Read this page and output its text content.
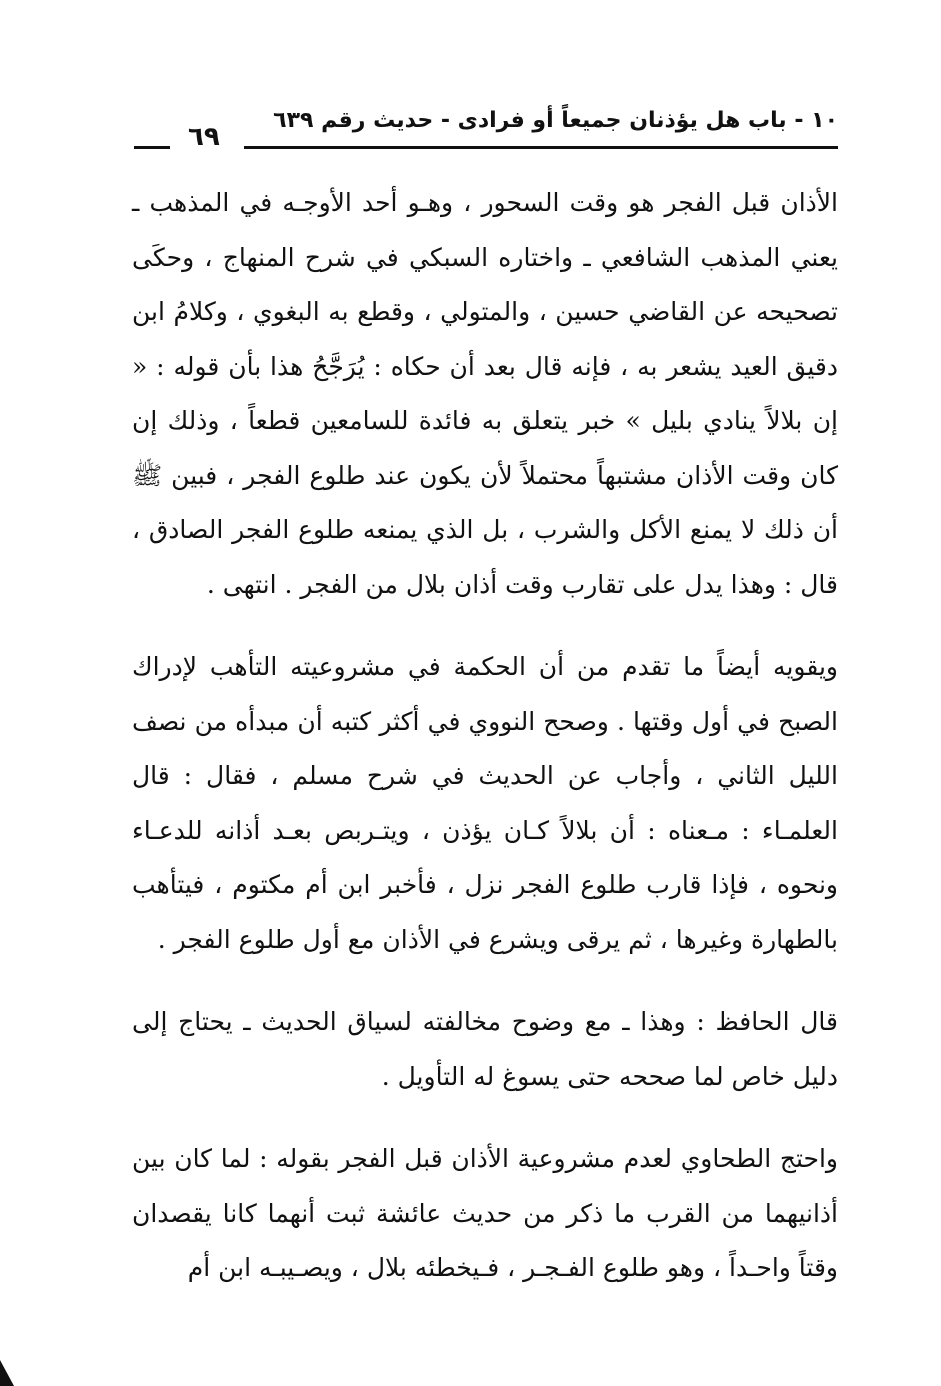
١٠ - باب هل يؤذنان جميعاً أو فرادى - حديث رقم ٦٣٩
٦٩

الأذان قبل الفجر هو وقت السحور ، وهـو أحد الأوجـه في المذهب ـ يعني المذهب الشافعي ـ واختاره السبكي في شرح المنهاج ، وحكَى تصحيحه عن القاضي حسين ، والمتولي ، وقطع به البغوي ، وكلامُ ابن دقيق العيد يشعر به ، فإنه قال بعد أن حكاه : يُرَجَّحُ هذا بأن قوله : « إن بلالاً ينادي بليل » خبر يتعلق به فائدة للسامعين قطعاً ، وذلك إن كان وقت الأذان مشتبهاً محتملاً لأن يكون عند طلوع الفجر ، فبين ﷺ أن ذلك لا يمنع الأكل والشرب ، بل الذي يمنعه طلوع الفجر الصادق ، قال : وهذا يدل على تقارب وقت أذان بلال من الفجر . انتهى .

ويقويه أيضاً ما تقدم من أن الحكمة في مشروعيته التأهب لإدراك الصبح في أول وقتها . وصحح النووي في أكثر كتبه أن مبدأه من نصف الليل الثاني ، وأجاب عن الحديث في شرح مسلم ، فقال : قال العلمـاء : مـعناه : أن بلالاً كـان يؤذن ، ويتـربص بعـد أذانه للدعـاء ونحوه ، فإذا قارب طلوع الفجر نزل ، فأخبر ابن أم مكتوم ، فيتأهب بالطهارة وغيرها ، ثم يرقى ويشرع في الأذان مع أول طلوع الفجر .

قال الحافظ : وهذا ـ مع وضوح مخالفته لسياق الحديث ـ يحتاج إلى دليل خاص لما صححه حتى يسوغ له التأويل .

واحتج الطحاوي لعدم مشروعية الأذان قبل الفجر بقوله : لما كان بين أذانيهما من القرب ما ذكر من حديث عائشة ثبت أنهما كانا يقصدان وقتاً واحـداً ، وهو طلوع الفـجـر ، فـيخطئه بلال ، ويصـيبـه ابن أم
